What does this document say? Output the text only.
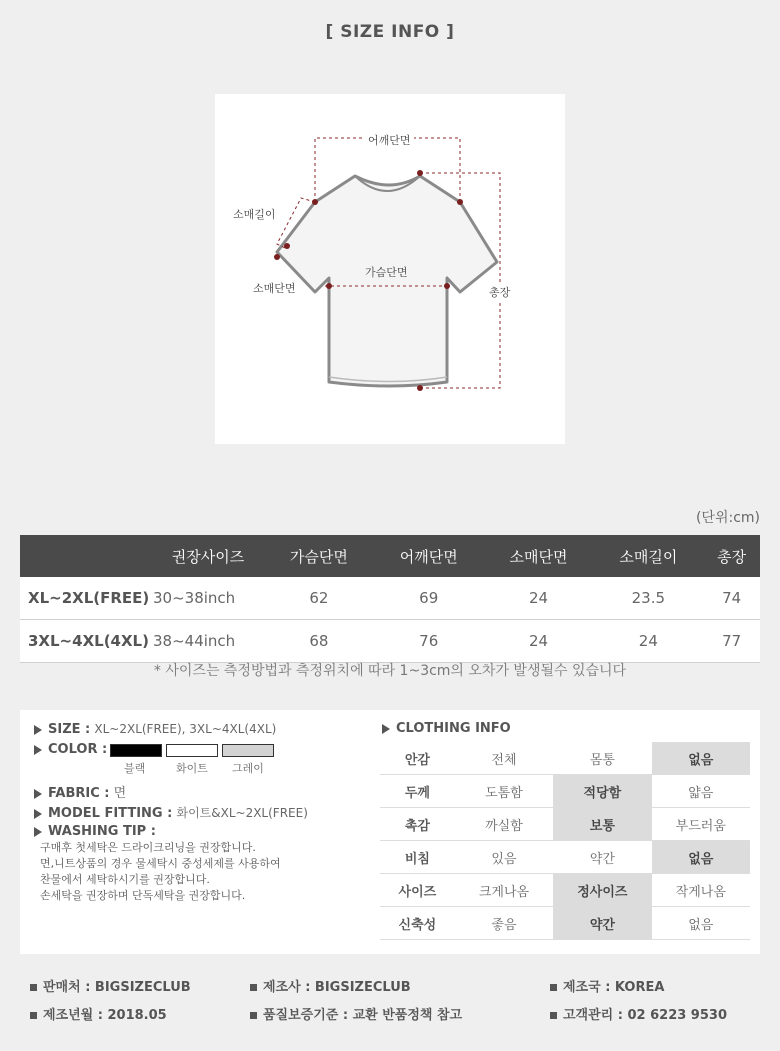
[ SIZE INFO ]
어깨단면
소매길이
가슴단면
소매단면	총장
(단위:cm)
	권장사이즈	가슴단면	어깨단면	소매단면	소매길이	총장
XL~2XL(FREE)	30~38inch	62	69	24	23.5	74
3XL~4XL(4XL)	38~44inch	68	76	24	24	77
* 사이즈는 측정방법과 측정위치에 따라 1~3cm의 오차가 발생될수 있습니다
SIZE : XL~2XL(FREE), 3XL~4XL(4XL)
COLOR :
블랙	화이트 그레이
FABRIC : 면
MODEL FITTING : 화이트&XL~2XL(FREE)
WASHING TIP :
구매후 첫세탁은 드라이크리닝을 권장합니다.
면,니트상품의 경우 물세탁시 중성세제를 사용하여
찬물에서 세탁하시기를 권장합니다.
손세탁을 권장하며 단독세탁을 권장합니다.
CLOTHING INFO
안감	전체	몸통	없음
두께	도톰함	적당함	얇음
촉감	까실함	보통	부드러움
비침	있음	약간	없음
사이즈	크게나옴	정사이즈	작게나옴
신축성	좋음	약간	없음
판매처 : BIGSIZECLUB	제조사 : BIGSIZECLUB	제조국 : KOREA
제조년월 : 2018.05	품질보증기준 : 교환 반품정책 참고	고객관리 : 02 6223 9530
